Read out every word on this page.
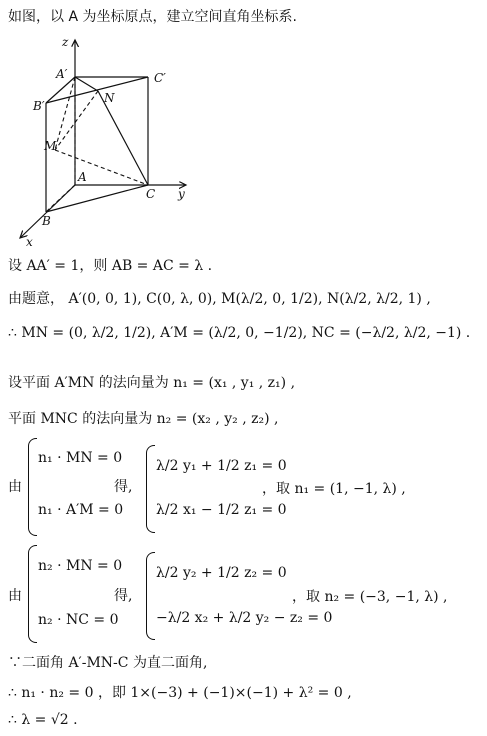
如图，以 A 为坐标原点，建立空间直角坐标系.
z
y
x
A′	C′
B′
N
M
A
C
B
设 AA′ = 1，则 AB = AC = λ .
由题意， A′(0, 0, 1), C(0, λ, 0), M(λ/2, 0, 1/2), N(λ/2, λ/2, 1) ,
∴ MN = (0, λ/2, 1/2), A′M = (λ/2, 0, −1/2), NC = (−λ/2, λ/2, −1) .
设平面 A′MN 的法向量为 n₁ = (x₁ , y₁ , z₁) ,
平面 MNC 的法向量为 n₂ = (x₂ , y₂ , z₂) ,
由
n₁ · MN = 0
n₁ · A′M = 0
得,
λ/2 y₁ + 1/2 z₁ = 0
λ/2 x₁ − 1/2 z₁ = 0
，取 n₁ = (1, −1, λ) ,
由
n₂ · MN = 0
n₂ · NC = 0
得,
λ/2 y₂ + 1/2 z₂ = 0
−λ/2 x₂ + λ/2 y₂ − z₂ = 0
，取 n₂ = (−3, −1, λ) ,
∵二面角 A′‑MN‑C 为直二面角,
∴ n₁ · n₂ = 0 ，即 1×(−3) + (−1)×(−1) + λ² = 0 ,
∴ λ = √2 .
